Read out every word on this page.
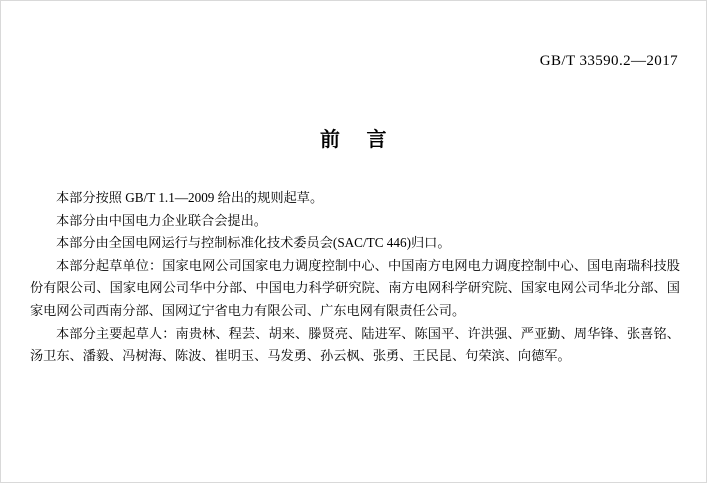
GB/T 33590.2—2017
前 言

本部分按照 GB/T 1.1—2009 给出的规则起草。

本部分由中国电力企业联合会提出。

本部分由全国电网运行与控制标准化技术委员会(SAC/TC 446)归口。

本部分起草单位：国家电网公司国家电力调度控制中心、中国南方电网电力调度控制中心、国电南瑞科技股份有限公司、国家电网公司华中分部、中国电力科学研究院、南方电网科学研究院、国家电网公司华北分部、国家电网公司西南分部、国网辽宁省电力有限公司、广东电网有限责任公司。

本部分主要起草人：南贵林、程芸、胡来、滕贤亮、陆进军、陈国平、许洪强、严亚勤、周华锋、张喜铭、汤卫东、潘毅、冯树海、陈波、崔明玉、马发勇、孙云枫、张勇、王民昆、句荣滨、向德军。
